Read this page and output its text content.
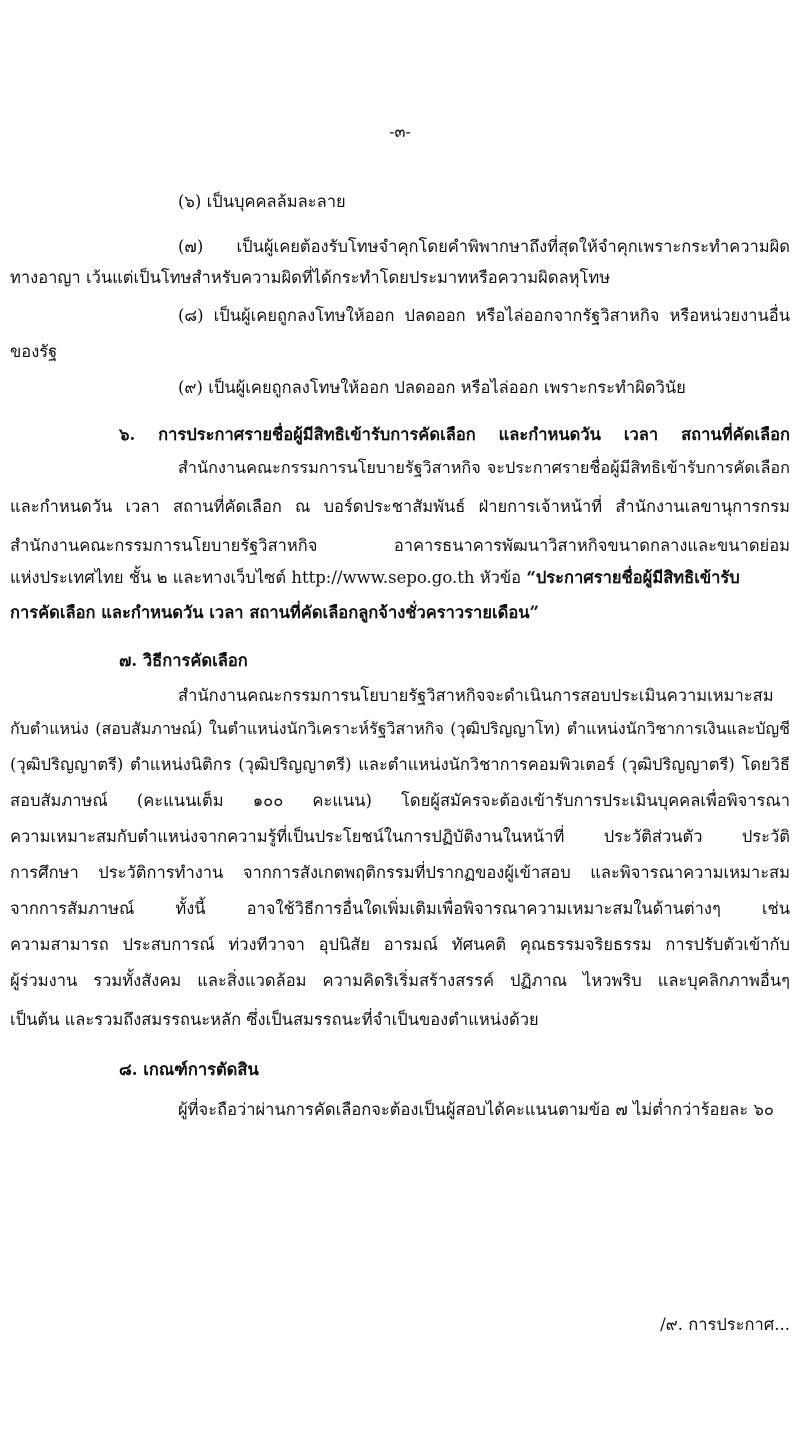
-๓-
(๖) เป็นบุคคลล้มละลาย
(๗) เป็นผู้เคยต้องรับโทษจำคุกโดยคำพิพากษาถึงที่สุดให้จำคุกเพราะกระทำความผิด
ทางอาญา เว้นแต่เป็นโทษสำหรับความผิดที่ได้กระทำโดยประมาทหรือความผิดลหุโทษ
(๘) เป็นผู้เคยถูกลงโทษให้ออก ปลดออก หรือไล่ออกจากรัฐวิสาหกิจ หรือหน่วยงานอื่น
ของรัฐ
(๙) เป็นผู้เคยถูกลงโทษให้ออก ปลดออก หรือไล่ออก เพราะกระทำผิดวินัย
๖. การประกาศรายชื่อผู้มีสิทธิเข้ารับการคัดเลือก และกำหนดวัน เวลา สถานที่คัดเลือก
สำนักงานคณะกรรมการนโยบายรัฐวิสาหกิจ จะประกาศรายชื่อผู้มีสิทธิเข้ารับการคัดเลือก
และกำหนดวัน เวลา สถานที่คัดเลือก ณ บอร์ดประชาสัมพันธ์ ฝ่ายการเจ้าหน้าที่ สำนักงานเลขานุการกรม
สำนักงานคณะกรรมการนโยบายรัฐวิสาหกิจ อาคารธนาคารพัฒนาวิสาหกิจขนาดกลางและขนาดย่อม
แห่งประเทศไทย ชั้น ๒ และทางเว็บไซต์ http://www.sepo.go.th หัวข้อ “ประกาศรายชื่อผู้มีสิทธิเข้ารับ
การคัดเลือก และกำหนดวัน เวลา สถานที่คัดเลือกลูกจ้างชั่วคราวรายเดือน”
๗. วิธีการคัดเลือก
สำนักงานคณะกรรมการนโยบายรัฐวิสาหกิจจะดำเนินการสอบประเมินความเหมาะสม
กับตำแหน่ง (สอบสัมภาษณ์) ในตำแหน่งนักวิเคราะห์รัฐวิสาหกิจ (วุฒิปริญญาโท) ตำแหน่งนักวิชาการเงินและบัญชี
(วุฒิปริญญาตรี) ตำแหน่งนิติกร (วุฒิปริญญาตรี) และตำแหน่งนักวิชาการคอมพิวเตอร์ (วุฒิปริญญาตรี) โดยวิธี
สอบสัมภาษณ์ (คะแนนเต็ม ๑๐๐ คะแนน) โดยผู้สมัครจะต้องเข้ารับการประเมินบุคคลเพื่อพิจารณา
ความเหมาะสมกับตำแหน่งจากความรู้ที่เป็นประโยชน์ในการปฏิบัติงานในหน้าที่ ประวัติส่วนตัว ประวัติ
การศึกษา ประวัติการทำงาน จากการสังเกตพฤติกรรมที่ปรากฏของผู้เข้าสอบ และพิจารณาความเหมาะสม
จากการสัมภาษณ์ ทั้งนี้ อาจใช้วิธีการอื่นใดเพิ่มเติมเพื่อพิจารณาความเหมาะสมในด้านต่างๆ เช่น
ความสามารถ ประสบการณ์ ท่วงทีวาจา อุปนิสัย อารมณ์ ทัศนคติ คุณธรรมจริยธรรม การปรับตัวเข้ากับ
ผู้ร่วมงาน รวมทั้งสังคม และสิ่งแวดล้อม ความคิดริเริ่มสร้างสรรค์ ปฏิภาณ ไหวพริบ และบุคลิกภาพอื่นๆ
เป็นต้น และรวมถึงสมรรถนะหลัก ซึ่งเป็นสมรรถนะที่จำเป็นของตำแหน่งด้วย
๘. เกณฑ์การตัดสิน
ผู้ที่จะถือว่าผ่านการคัดเลือกจะต้องเป็นผู้สอบได้คะแนนตามข้อ ๗ ไม่ต่ำกว่าร้อยละ ๖๐
/๙. การประกาศ...
